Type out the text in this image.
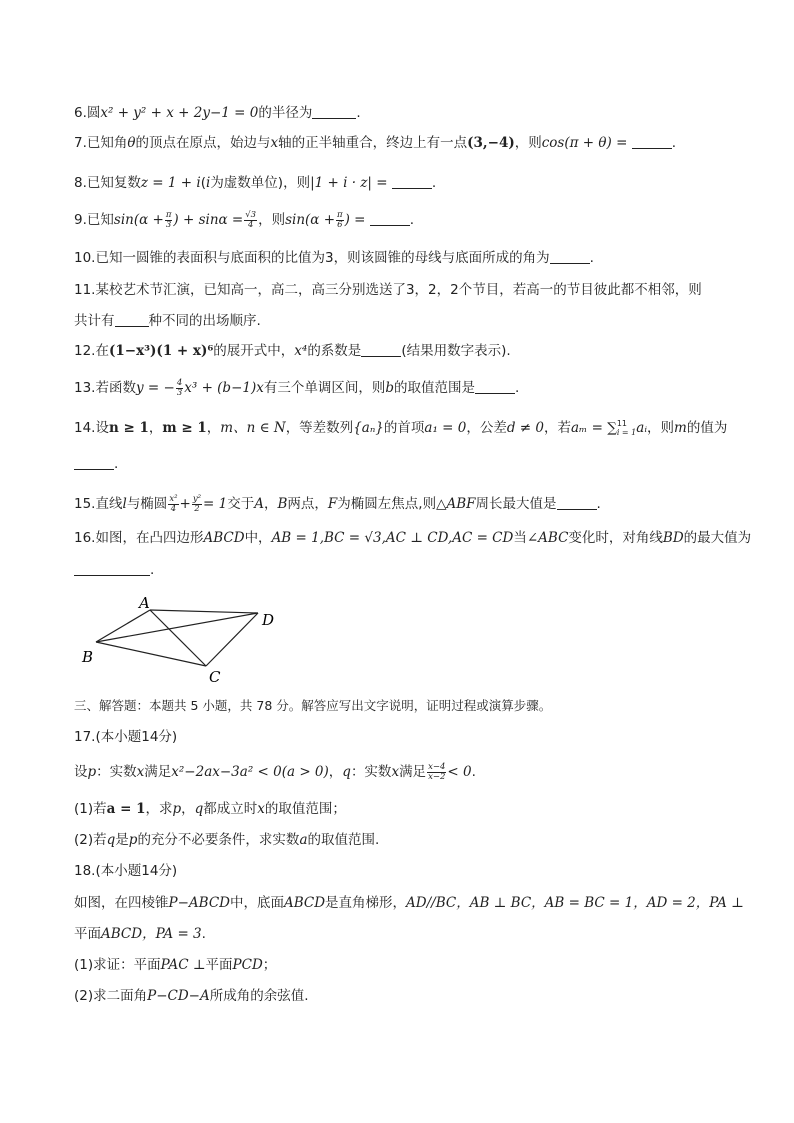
6.圆x² + y² + x + 2y−1 = 0的半径为	.
7.已知角θ的顶点在原点，始边与x轴的正半轴重合，终边上有一点(3,−4)，则cos(π + θ) =	.
8.已知复数z = 1 + i(i为虚数单位)，则|1 + i · z| =	.
9.已知$\sin(\alpha + \frac{\pi}{3}$ ) + $\sin\alpha = \frac{√3}{4}$ ，则$\sin(\alpha + \frac{\pi}{6}$ ) =	.
10.已知一圆锥的表面积与底面积的比值为3，则该圆锥的母线与底面所成的角为	.
11.某校艺术节汇演，已知高一，高二，高三分别选送了3，2，2个节目，若高一的节目彼此都不相邻，则
共计有	种不同的出场顺序.
12.在(1−x³)(1 + x)⁶的展开式中，x⁴的系数是	(结果用数字表示).
13.若函数y = − $\frac{4}{3} x^3 + (b-1)x$有三个单调区间，则b的取值范围是	.
14.设n ≥ 1，m ≥ 1，m、n ∈ N，等差数列{aₙ}的首项a₁ = 0，公差d ≠ 0，若aₘ = ∑ 11
i = 1 aᵢ，则m的值为
.
15.直线l与椭圆 $\frac{\text{x²}}{4} + \frac{\text{y²}}{2} = 1$交于A，B两点，F为椭圆左焦点,则△ABF周长最大值是	.
16.如图，在凸四边形ABCD中，AB = 1,BC = √3,AC ⊥ CD,AC = CD当∠ABC变化时，对角线BD的最大值为
.
A
B
C
D
三、解答题：本题共 5 小题，共 78 分。解答应写出文字说明，证明过程或演算步骤。
17.(本小题14分)
设p：实数x满足x²−2ax−3a² < 0(a > 0)，q：实数x满足 $\frac{x-4}{x-2} < 0$.
(1)若a = 1，求p，q都成立时x的取值范围；
(2)若q是p的充分不必要条件，求实数a的取值范围.
18.(本小题14分)
如图，在四棱锥P−ABCD中，底面ABCD是直角梯形，AD//BC，AB ⊥ BC，AB = BC = 1，AD = 2，PA ⊥
平面ABCD，PA = 3.
(1)求证：平面PAC ⊥平面PCD；
(2)求二面角P−CD−A所成角的余弦值.
